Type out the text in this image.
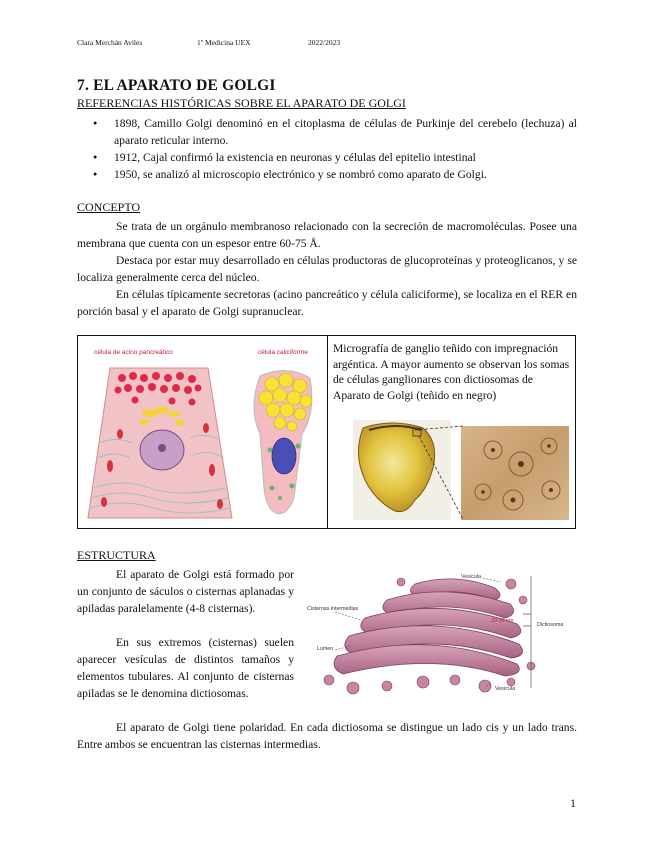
Clara Merchán Aviles	1º Medicina UEX	2022/2023
7. EL APARATO DE GOLGI
REFERENCIAS HISTÓRICAS SOBRE EL APARATO DE GOLGI
● 1898, Camillo Golgi denominó en el citoplasma de células de Purkinje del cerebelo (lechuza) al aparato reticular interno.
● 1912, Cajal confirmó la existencia en neuronas y células del epitelio intestinal
● 1950, se analizó al microscopio electrónico y se nombró como aparato de Golgi.
CONCEPTO
Se trata de un orgánulo membranoso relacionado con la secreción de macromoléculas. Posee una membrana que cuenta con un espesor entre 60-75 Å.
Destaca por estar muy desarrollado en células productoras de glucoproteínas y proteoglicanos, y se localiza generalmente cerca del núcleo.
En células típicamente secretoras (acino pancreático y célula caliciforme), se localiza en el RER en porción basal y el aparato de Golgi supranuclear.
célula de acino pancreático	célula caliciforme Micrografía de ganglio teñido con impregnación argéntica. A mayor aumento se observan los somas de células ganglionares con dictiosomas de Aparato de Golgi (teñido en negro)
ESTRUCTURA
El aparato de Golgi está formado por un conjunto de sáculos o cisternas aplanadas y apiladas paralelamente (4-8 cisternas).
En sus extremos (cisternas) suelen aparecer vesículas de distintos tamaños y elementos tubulares. Al conjunto de cisternas apiladas se le denomina dictiosomas.
El aparato de Golgi tiene polaridad. En cada dictiosoma se distingue un lado cis y un lado trans. Entre ambos se encuentran las cisternas intermedias.
Vesícula
Cisternas intermedias
Lumen
Vesícula
20-30 nm
Dictiosoma
1
